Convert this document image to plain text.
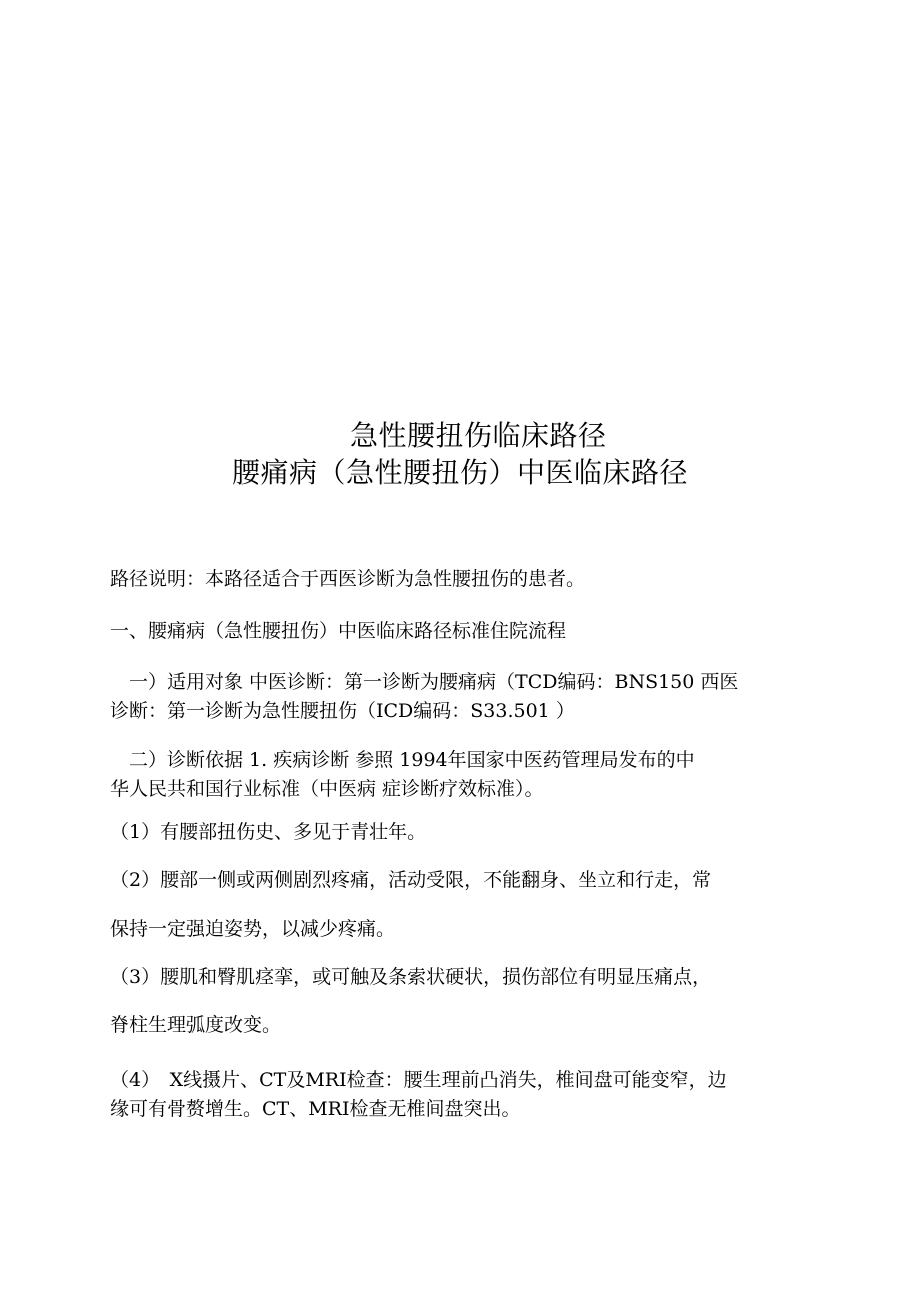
急性腰扭伤临床路径
腰痛病（急性腰扭伤）中医临床路径
路径说明：本路径适合于西医诊断为急性腰扭伤的患者。
一、腰痛病（急性腰扭伤）中医临床路径标准住院流程
　一）适用对象 中医诊断：第一诊断为腰痛病（TCD编码：BNS150 西医
诊断：第一诊断为急性腰扭伤（ICD编码：S33.501 ）
　二）诊断依据 1. 疾病诊断 参照 1994年国家中医药管理局发布的中
华人民共和国行业标准（中医病 症诊断疗效标准）。
（1）有腰部扭伤史、多见于青壮年。
（2）腰部一侧或两侧剧烈疼痛，活动受限，不能翻身、坐立和行走，常
保持一定强迫姿势，以减少疼痛。
（3）腰肌和臀肌痉挛，或可触及条索状硬状，损伤部位有明显压痛点，
脊柱生理弧度改变。
（4）　X线摄片、CT及MRI检查：腰生理前凸消失，椎间盘可能变窄，边
缘可有骨赘增生。CT、MRI检查无椎间盘突出。
